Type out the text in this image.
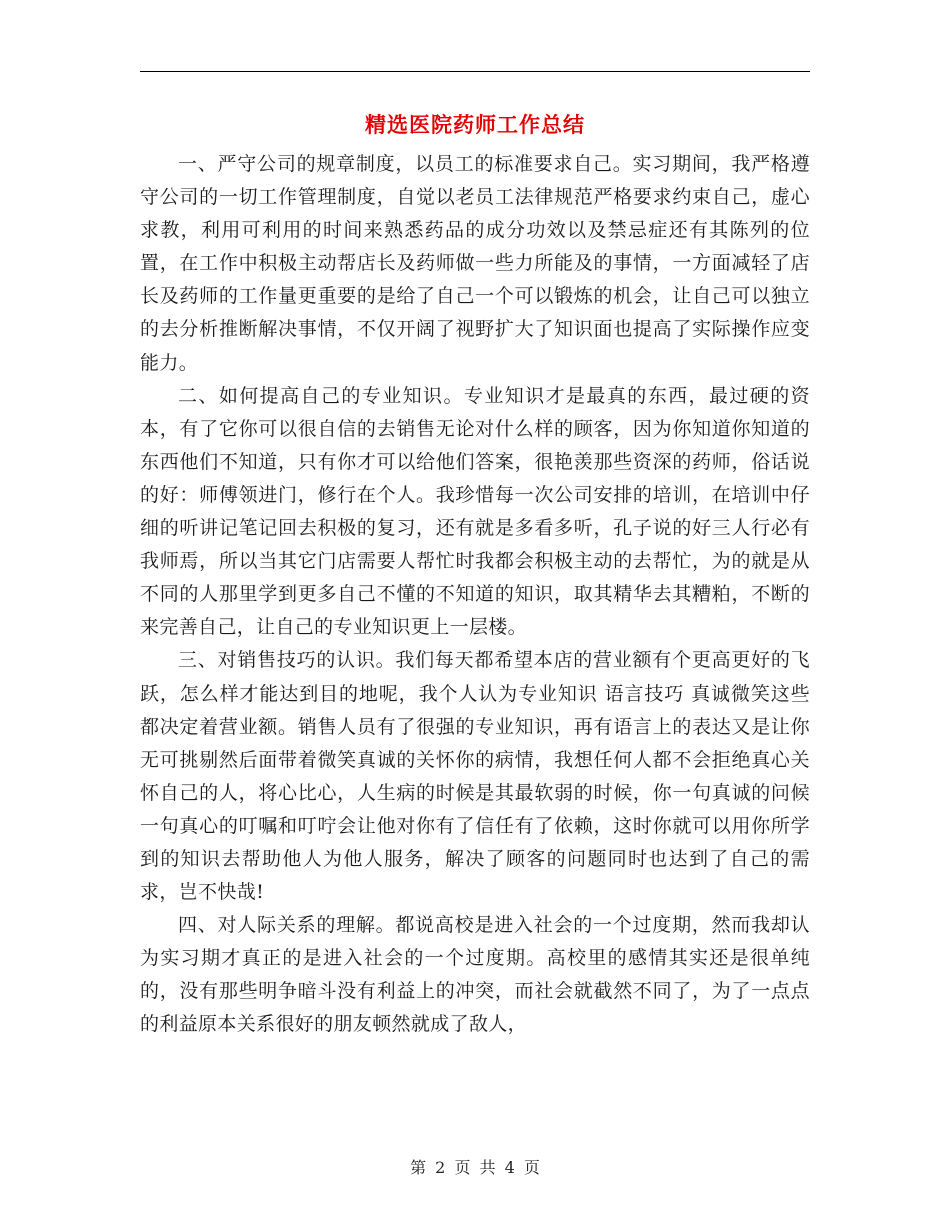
精选医院药师工作总结

一、严守公司的规章制度，以员工的标准要求自己。实习期间，我严格遵守公司的一切工作管理制度，自觉以老员工法律规范严格要求约束自己，虚心求教，利用可利用的时间来熟悉药品的成分功效以及禁忌症还有其陈列的位置，在工作中积极主动帮店长及药师做一些力所能及的事情，一方面减轻了店长及药师的工作量更重要的是给了自己一个可以锻炼的机会，让自己可以独立的去分析推断解决事情，不仅开阔了视野扩大了知识面也提高了实际操作应变能力。

二、如何提高自己的专业知识。专业知识才是最真的东西，最过硬的资本，有了它你可以很自信的去销售无论对什么样的顾客，因为你知道你知道的东西他们不知道，只有你才可以给他们答案，很艳羡那些资深的药师，俗话说的好：师傅领进门，修行在个人。我珍惜每一次公司安排的培训，在培训中仔细的听讲记笔记回去积极的复习，还有就是多看多听，孔子说的好三人行必有我师焉，所以当其它门店需要人帮忙时我都会积极主动的去帮忙，为的就是从不同的人那里学到更多自己不懂的不知道的知识，取其精华去其糟粕，不断的来完善自己，让自己的专业知识更上一层楼。

三、对销售技巧的认识。我们每天都希望本店的营业额有个更高更好的飞跃，怎么样才能达到目的地呢，我个人认为专业知识 语言技巧 真诚微笑这些都决定着营业额。销售人员有了很强的专业知识，再有语言上的表达又是让你无可挑剔然后面带着微笑真诚的关怀你的病情，我想任何人都不会拒绝真心关怀自己的人，将心比心，人生病的时候是其最软弱的时候，你一句真诚的问候一句真心的叮嘱和叮咛会让他对你有了信任有了依赖，这时你就可以用你所学到的知识去帮助他人为他人服务，解决了顾客的问题同时也达到了自己的需求，岂不快哉!

四、对人际关系的理解。都说高校是进入社会的一个过度期，然而我却认为实习期才真正的是进入社会的一个过度期。高校里的感情其实还是很单纯的，没有那些明争暗斗没有利益上的冲突，而社会就截然不同了，为了一点点的利益原本关系很好的朋友顿然就成了敌人，

第 2 页 共 4 页
